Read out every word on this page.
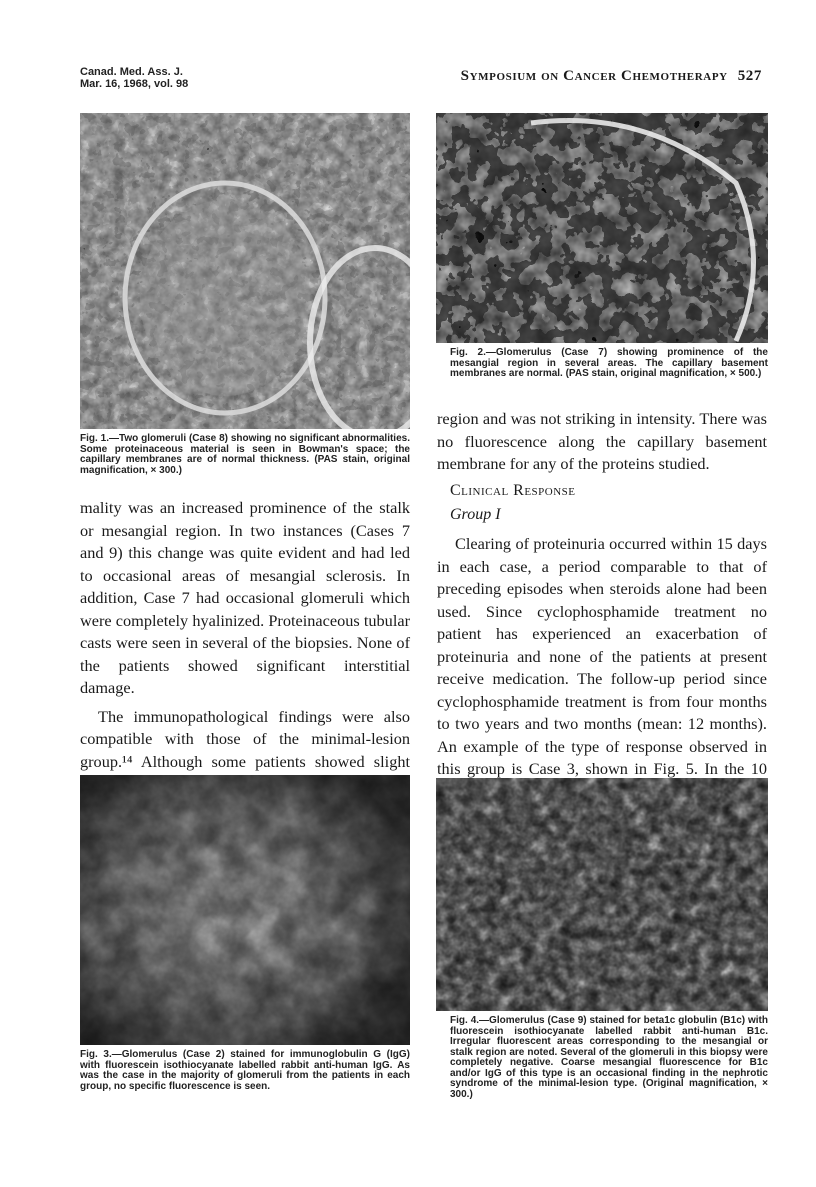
Canad. Med. Ass. J.
Mar. 16, 1968, vol. 98	Symposium on Cancer Chemotherapy 527
Fig. 1.—Two glomeruli (Case 8) showing no significant abnormalities. Some proteinaceous material is seen in Bowman's space; the capillary membranes are of normal thickness. (PAS stain, original magnification, × 300.)
Fig. 2.—Glomerulus (Case 7) showing prominence of the mesangial region in several areas. The capillary basement membranes are normal. (PAS stain, original magnification, × 500.)

mality was an increased prominence of the stalk or mesangial region. In two instances (Cases 7 and 9) this change was quite evident and had led to occasional areas of mesangial sclerosis. In addition, Case 7 had occasional glomeruli which were completely hyalinized. Proteinaceous tubular casts were seen in several of the biopsies. None of the patients showed significant interstitial damage.

The immunopathological findings were also compatible with those of the minimal-lesion group.¹⁴ Although some patients showed slight

region and was not striking in intensity. There was no fluorescence along the capillary basement membrane for any of the proteins studied.

Clinical Response
Group I

Clearing of proteinuria occurred within 15 days in each case, a period comparable to that of preceding episodes when steroids alone had been used. Since cyclophosphamide treatment no patient has experienced an exacerbation of proteinuria and none of the patients at present receive medication. The follow-up period since cyclophosphamide treatment is from four months to two years and two months (mean: 12 months). An example of the type of response observed in this group is Case 3, shown in Fig. 5. In the 10

Fig. 3.—Glomerulus (Case 2) stained for immunoglobulin G (IgG) with fluorescein isothiocyanate labelled rabbit anti-human IgG. As was the case in the majority of glomeruli from the patients in each group, no specific fluorescence is seen.
Fig. 4.—Glomerulus (Case 9) stained for beta1c globulin (B1c) with fluorescein isothiocyanate labelled rabbit anti-human B1c. Irregular fluorescent areas corresponding to the mesangial or stalk region are noted. Several of the glomeruli in this biopsy were completely negative. Coarse mesangial fluorescence for B1c and/or IgG of this type is an occasional finding in the nephrotic syndrome of the minimal-lesion type. (Original magnification, × 300.)
